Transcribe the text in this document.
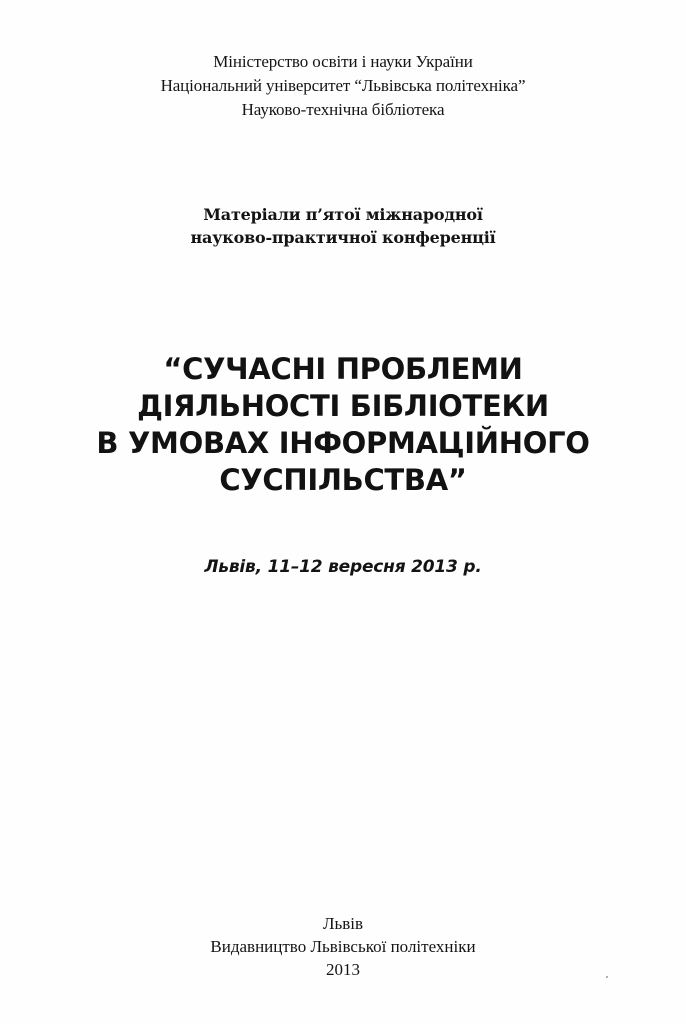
Міністерство освіти і науки України
Національний університет “Львівська політехніка”
Науково-технічна бібліотека
Матеріали п’ятої міжнародної
науково-практичної конференції
“СУЧАСНІ ПРОБЛЕМИ
ДІЯЛЬНОСТІ БІБЛІОТЕКИ
В УМОВАХ ІНФОРМАЦІЙНОГО
СУСПІЛЬСТВА”
Львів, 11–12 вересня 2013 р.
Львів
Видавництво Львівської політехніки
2013
